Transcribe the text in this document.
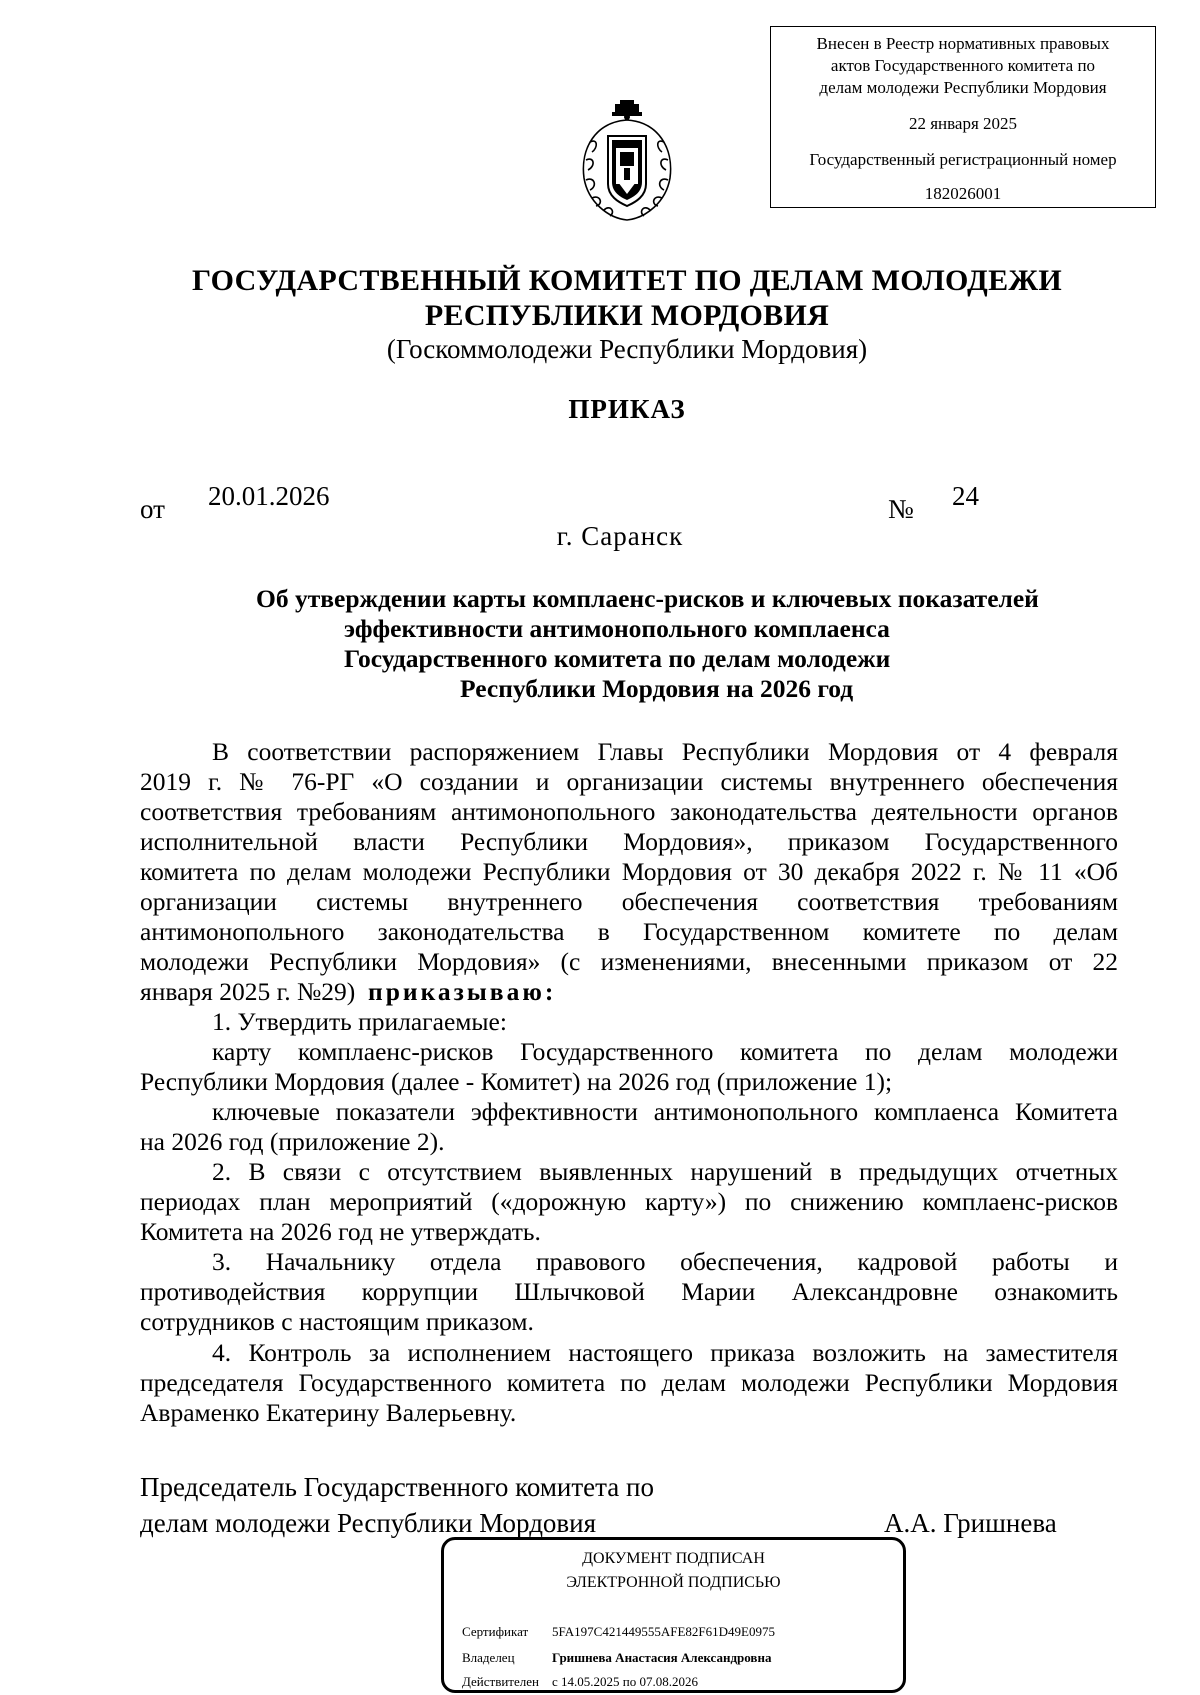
Внесен в Реестр нормативных правовых
актов Государственного комитета по
делам молодежи Республики Мордовия
22 января 2025
Государственный регистрационный номер
182026001
ГОСУДАРСТВЕННЫЙ КОМИТЕТ ПО ДЕЛАМ МОЛОДЕЖИ
РЕСПУБЛИКИ МОРДОВИЯ
(Госкоммолодежи Республики Мордовия)
ПРИКАЗ
от 20.01.2026	№ 24
г. Саранск
Об утверждении карты комплаенс-рисков и ключевых показателей
эффективности антимонопольного комплаенса
Государственного комитета по делам молодежи
Республики Мордовия на 2026 год
В соответствии распоряжением Главы Республики Мордовия от 4 февраля
2019 г. № 76-РГ «О создании и организации системы внутреннего обеспечения
соответствия требованиям антимонопольного законодательства деятельности органов
исполнительной власти Республики Мордовия», приказом Государственного
комитета по делам молодежи Республики Мордовия от 30 декабря 2022 г. № 11 «Об
организации системы внутреннего обеспечения соответствия требованиям
антимонопольного законодательства в Государственном комитете по делам
молодежи Республики Мордовия» (с изменениями, внесенными приказом от 22
января 2025 г. №29) приказываю:
1. Утвердить прилагаемые:
карту комплаенс-рисков Государственного комитета по делам молодежи
Республики Мордовия (далее - Комитет) на 2026 год (приложение 1);
ключевые показатели эффективности антимонопольного комплаенса Комитета
на 2026 год (приложение 2).
2. В связи с отсутствием выявленных нарушений в предыдущих отчетных
периодах план мероприятий («дорожную карту») по снижению комплаенс-рисков
Комитета на 2026 год не утверждать.
3. Начальнику отдела правового обеспечения, кадровой работы и
противодействия коррупции Шлычковой Марии Александровне ознакомить
сотрудников с настоящим приказом.
4. Контроль за исполнением настоящего приказа возложить на заместителя
председателя Государственного комитета по делам молодежи Республики Мордовия
Авраменко Екатерину Валерьевну.
Председатель Государственного комитета по
делам молодежи Республики Мордовия	А.А. Гришнева
ДОКУМЕНТ ПОДПИСАН
ЭЛЕКТРОННОЙ ПОДПИСЬЮ
Сертификат 5FA197C421449555AFE82F61D49E0975
Владелец	Гришнева Анастасия Александровна
Действителен с 14.05.2025 по 07.08.2026
